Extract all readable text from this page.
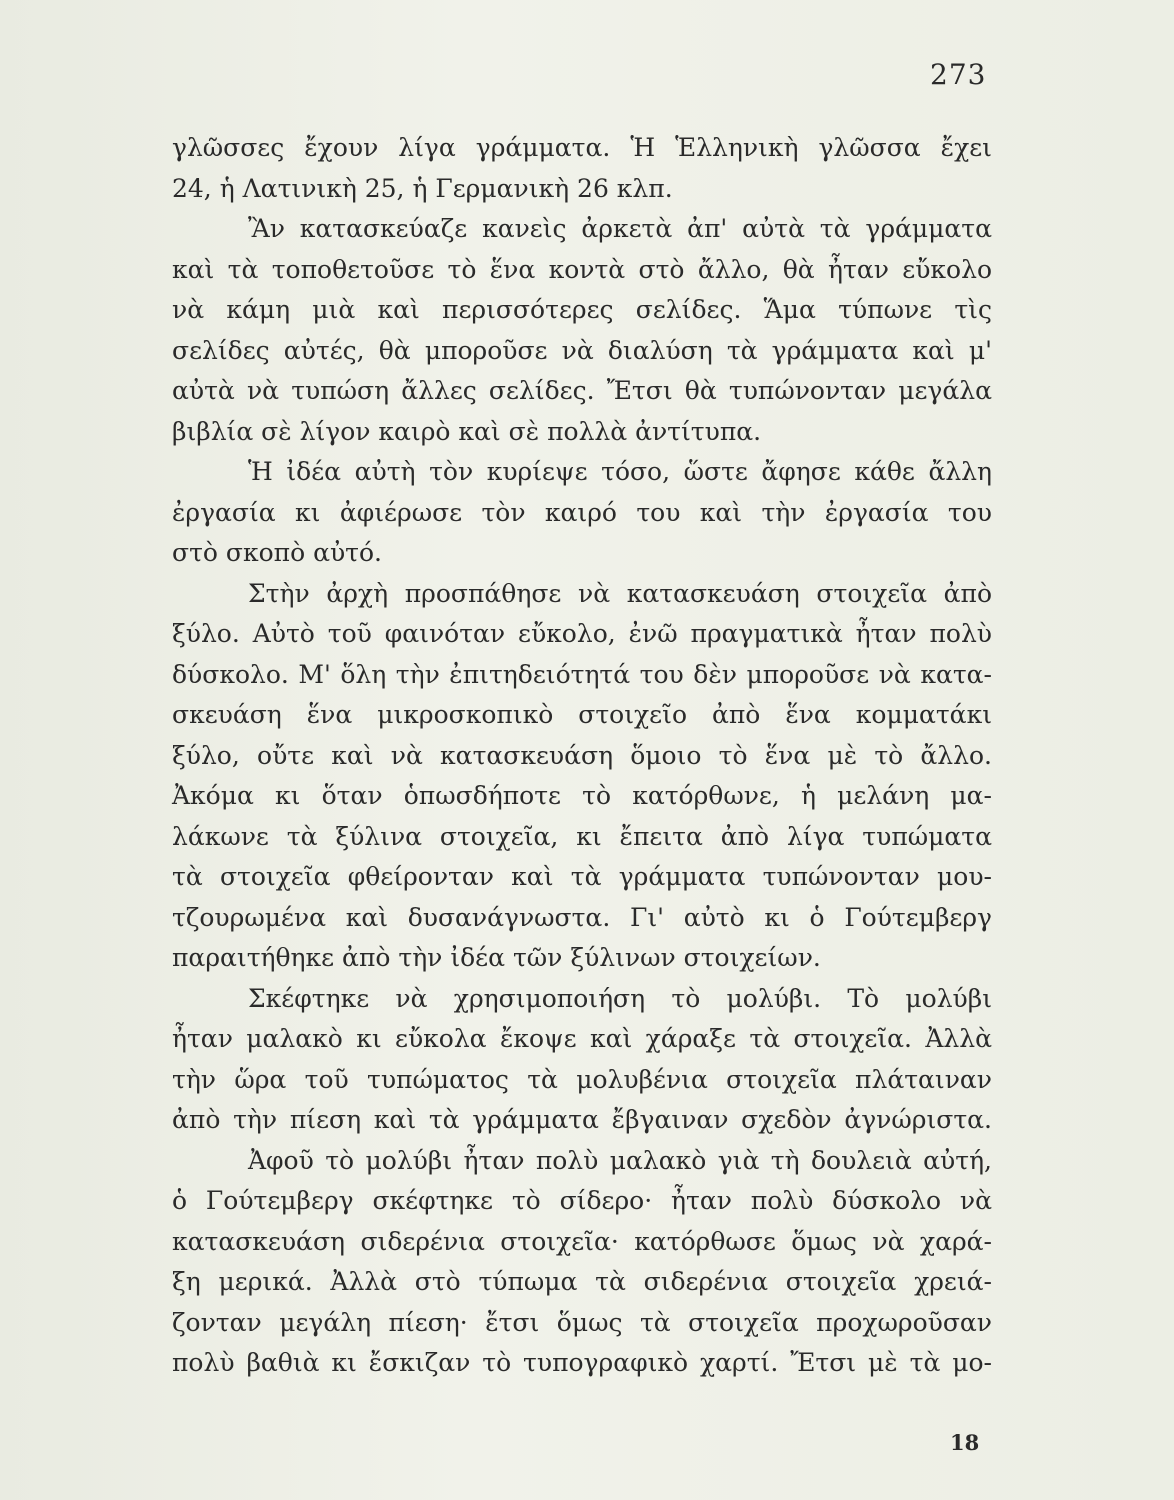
273
γλῶσσες ἔχουν λίγα γράμματα. Ἡ Ἑλληνικὴ γλῶσσα ἔχει
24, ἡ Λατινικὴ 25, ἡ Γερμανικὴ 26 κλπ.
Ἂν κατασκεύαζε κανεὶς ἀρκετὰ ἀπ' αὐτὰ τὰ γράμματα
καὶ τὰ τοποθετοῦσε τὸ ἕνα κοντὰ στὸ ἄλλο, θὰ ἦταν εὔκολο
νὰ κάμη μιὰ καὶ περισσότερες σελίδες. Ἅμα τύπωνε τὶς
σελίδες αὐτές, θὰ μποροῦσε νὰ διαλύση τὰ γράμματα καὶ μ'
αὐτὰ νὰ τυπώση ἄλλες σελίδες. Ἔτσι θὰ τυπώνονταν μεγάλα
βιβλία σὲ λίγον καιρὸ καὶ σὲ πολλὰ ἀντίτυπα.
Ἡ ἰδέα αὐτὴ τὸν κυρίεψε τόσο, ὥστε ἄφησε κάθε ἄλλη
ἐργασία κι ἀφιέρωσε τὸν καιρό του καὶ τὴν ἐργασία του
στὸ σκοπὸ αὐτό.
Στὴν ἀρχὴ προσπάθησε νὰ κατασκευάση στοιχεῖα ἀπὸ
ξύλο. Αὐτὸ τοῦ φαινόταν εὔκολο, ἐνῶ πραγματικὰ ἦταν πολὺ
δύσκολο. Μ' ὅλη τὴν ἐπιτηδειότητά του δὲν μποροῦσε νὰ κατα-
σκευάση ἕνα μικροσκοπικὸ στοιχεῖο ἀπὸ ἕνα κομματάκι
ξύλο, οὔτε καὶ νὰ κατασκευάση ὅμοιο τὸ ἕνα μὲ τὸ ἄλλο.
Ἀκόμα κι ὅταν ὁπωσδήποτε τὸ κατόρθωνε, ἡ μελάνη μα-
λάκωνε τὰ ξύλινα στοιχεῖα, κι ἔπειτα ἀπὸ λίγα τυπώματα
τὰ στοιχεῖα φθείρονταν καὶ τὰ γράμματα τυπώνονταν μου-
τζουρωμένα καὶ δυσανάγνωστα. Γι' αὐτὸ κι ὁ Γούτεμβεργ
παραιτήθηκε ἀπὸ τὴν ἰδέα τῶν ξύλινων στοιχείων.
Σκέφτηκε νὰ χρησιμοποιήση τὸ μολύβι. Τὸ μολύβι
ἦταν μαλακὸ κι εὔκολα ἔκοψε καὶ χάραξε τὰ στοιχεῖα. Ἀλλὰ
τὴν ὥρα τοῦ τυπώματος τὰ μολυβένια στοιχεῖα πλάταιναν
ἀπὸ τὴν πίεση καὶ τὰ γράμματα ἔβγαιναν σχεδὸν ἀγνώριστα.
Ἀφοῦ τὸ μολύβι ἦταν πολὺ μαλακὸ γιὰ τὴ δουλειὰ αὐτή,
ὁ Γούτεμβεργ σκέφτηκε τὸ σίδερο· ἦταν πολὺ δύσκολο νὰ
κατασκευάση σιδερένια στοιχεῖα· κατόρθωσε ὅμως νὰ χαρά-
ξη μερικά. Ἀλλὰ στὸ τύπωμα τὰ σιδερένια στοιχεῖα χρειά-
ζονταν μεγάλη πίεση· ἔτσι ὅμως τὰ στοιχεῖα προχωροῦσαν
πολὺ βαθιὰ κι ἔσκιζαν τὸ τυπογραφικὸ χαρτί. Ἔτσι μὲ τὰ μο-
18
